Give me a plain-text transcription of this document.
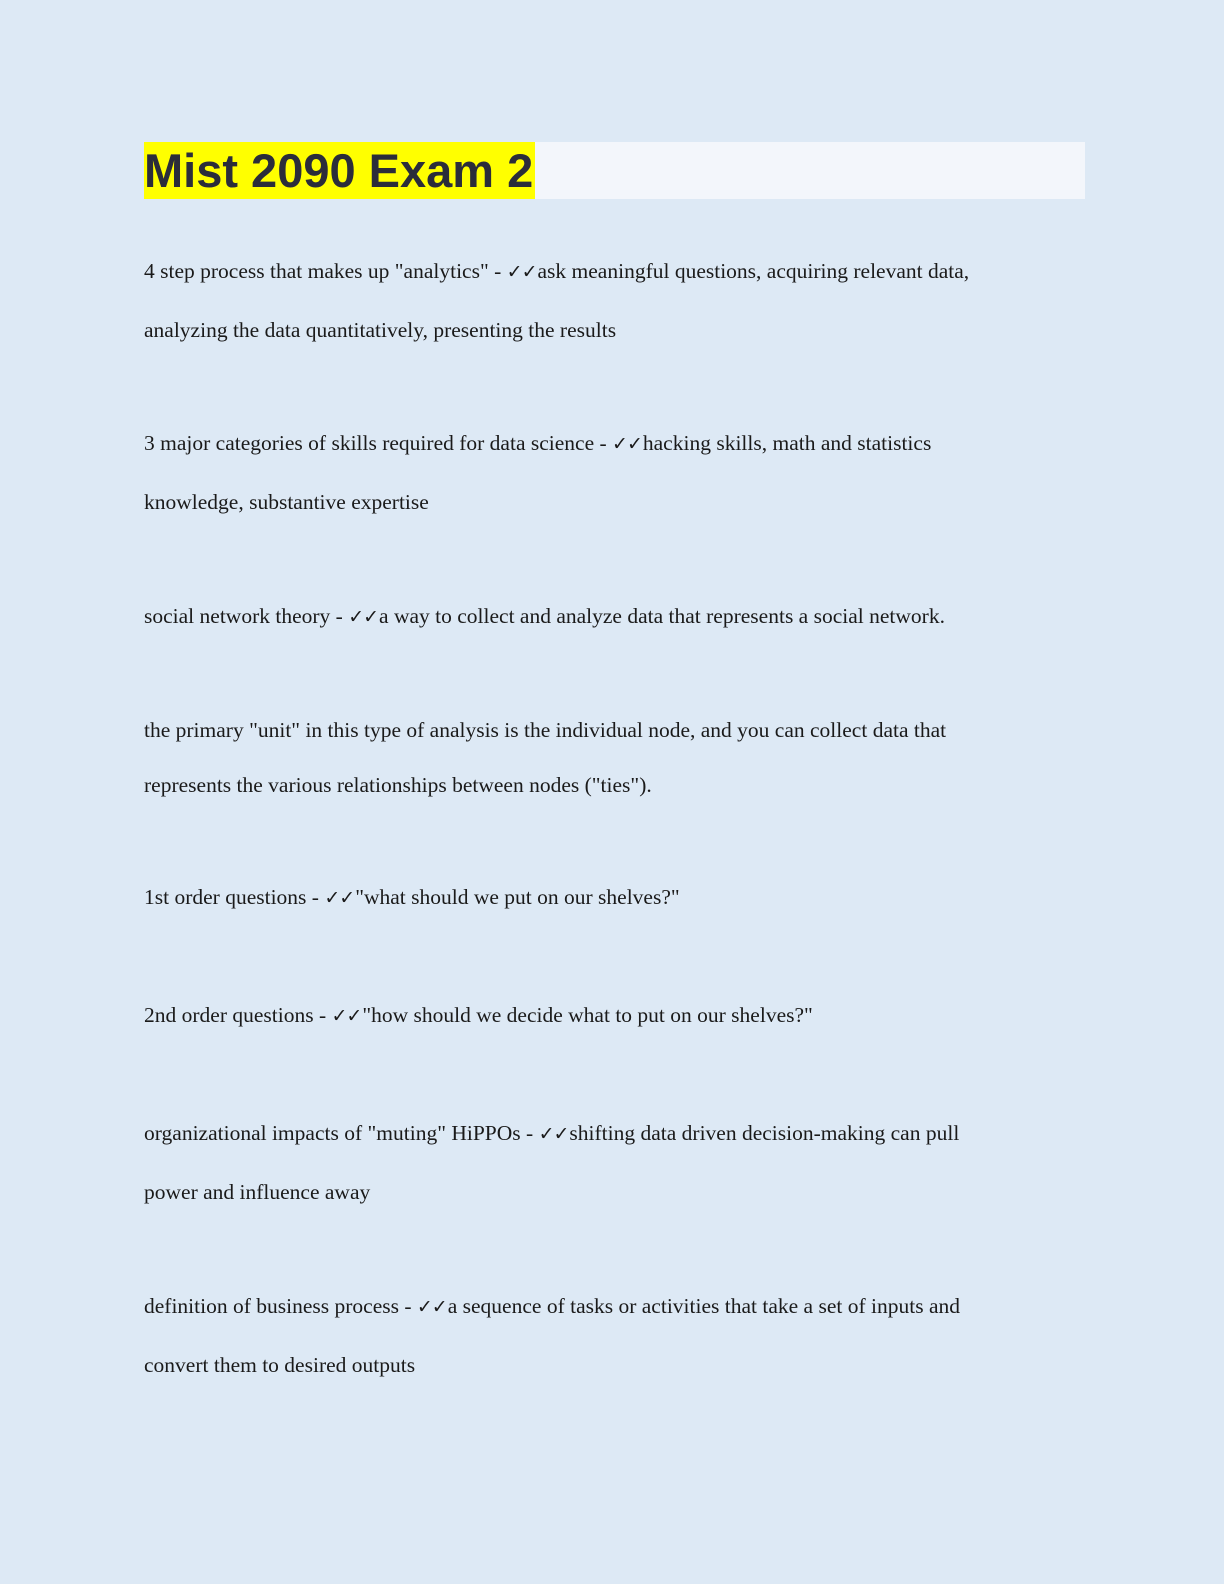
Mist 2090 Exam 2
4 step process that makes up "analytics" - ✓✓ask meaningful questions, acquiring relevant data,
analyzing the data quantitatively, presenting the results
3 major categories of skills required for data science - ✓✓hacking skills, math and statistics
knowledge, substantive expertise
social network theory - ✓✓a way to collect and analyze data that represents a social network.
the primary "unit" in this type of analysis is the individual node, and you can collect data that
represents the various relationships between nodes ("ties").
1st order questions - ✓✓"what should we put on our shelves?"
2nd order questions - ✓✓"how should we decide what to put on our shelves?"
organizational impacts of "muting" HiPPOs - ✓✓shifting data driven decision-making can pull
power and influence away
definition of business process - ✓✓a sequence of tasks or activities that take a set of inputs and
convert them to desired outputs
